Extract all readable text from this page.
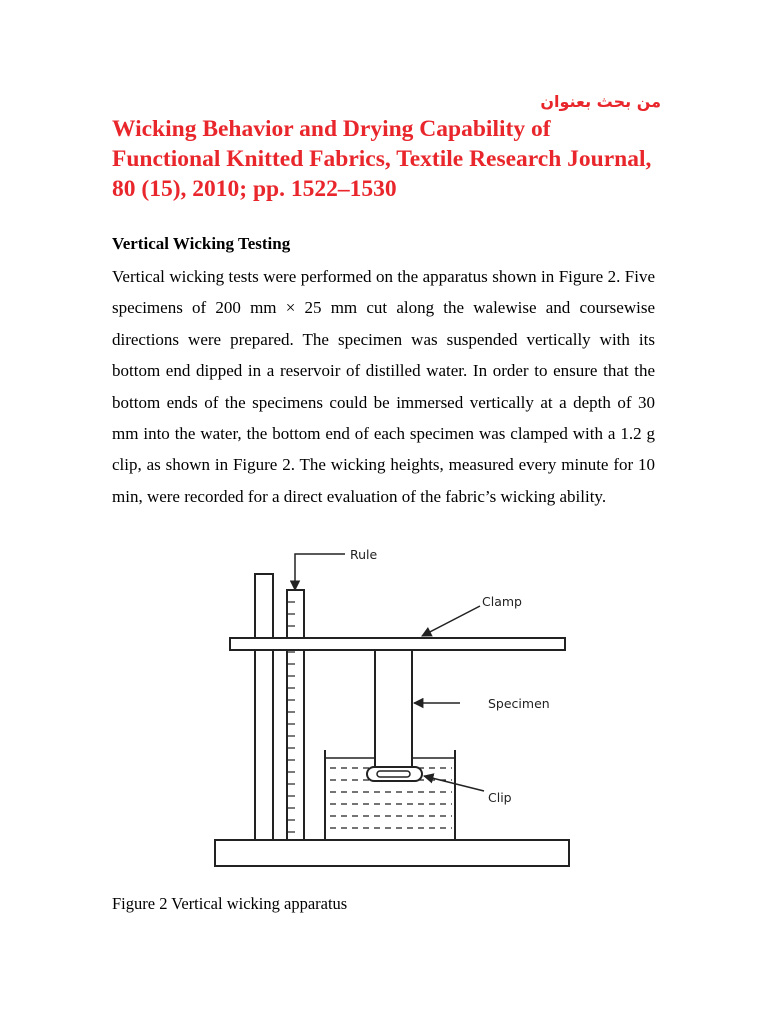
من بحث بعنوان
Wicking Behavior and Drying Capability of Functional Knitted Fabrics, Textile Research Journal, 80 (15), 2010; pp. 1522–1530
Vertical Wicking Testing

Vertical wicking tests were performed on the apparatus shown in Figure 2. Five specimens of 200 mm × 25 mm cut along the walewise and coursewise directions were prepared. The specimen was suspended vertically with its bottom end dipped in a reservoir of distilled water. In order to ensure that the bottom ends of the specimens could be immersed vertically at a depth of 30 mm into the water, the bottom end of each specimen was clamped with a 1.2 g clip, as shown in Figure 2. The wicking heights, measured every minute for 10 min, were recorded for a direct evaluation of the fabric’s wicking ability.

Rule
Clamp
Specimen
Clip

Figure 2 Vertical wicking apparatus
